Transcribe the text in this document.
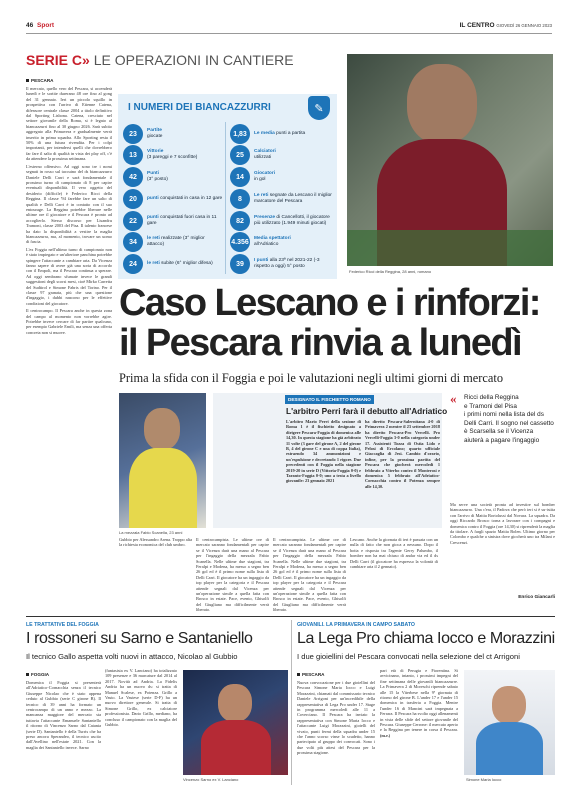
46 Sport	IL CENTRO GIOVEDÌ 26 GENNAIO 2023
SERIE C» LE OPERAZIONI IN CANTIERE
PESCARA

Il mercato, quello vero del Pescara, si accenderà lunedì e le sortite durerano 48 ore fino al gong del 31 gennaio. Ieri un piccolo squillo in prospettiva con l'arrivo di Etienne Catena, difensore centrale classe 2004 a titolo definitivo dal Sporting Lisbona. Catena, cresciuto nel settore giovanile della Roma, si è legato al biancazzurri fino al 30 giugno 2026. Sarà subito aggregato alla Primavera e gradualmente verrà inserito in prima squadra. Allo Sporting resta il 50% di una futura rivendita. Per i colpi importanti, per intendersi quelli che dovrebbero far fare il salto di qualità in vista dei play off, c'è da attendere la prossima settimana.

L'esterno offensivo. Ad oggi sono tre i nomi segnati in rosso sul taccuino del ds biancazzurro Daniele Delli Carri e sarà fondamentale il prossimo turno di campionato di 8 per capire eventuali disponibilità. Il vero oggetto del desiderio (difficile) è Federico Ricci della Reggina. Il classe '94 farebbe fare un salto di qualità e Delli Carri è in contatto con il suo entourage. La Reggina potrebbe liberare nelle ultime ore il giocatore e il Pescara è pronto ad accoglierlo. Stesso discorso per Lisandru Tramoni, classe 2003 del Pisa. Il talento francese ha dato la disponibilità a vestire la maglia biancazzurra, ma, al momento, trovare un uomo di fascia.

L'ex Foggia nell'ultimo turno di campionato non è stato impiegato e un'ulteriore panchina potrebbe spingere l'attaccante a cambiare aria. Da Vicenza fanno sapere di avere già una sorta di accordo con il Empoli, ma il Pescara continua a sperare. Ad oggi sembrano sfumate invece le grandi suggestioni degli scorsi mesi, cioè Mirko Carretta del Sudtirol e Simone Fabris del Torino. Per il classe 97 granata, più che una questione d'ingaggio, i dubbi nascono per le effettive condizioni del giocatore.

Il centrocampo. Il Pescara anche in questa zona del campo al momento non vorrebbe agire. Potrebbe invece cercare di far partire qualcuno, per esempio Gabriele Emili, ma senza una offerta concreta non si muove.

I NUMERI DEI BIANCAZZURRI	✎
23	Partite
giocate
13	Vittorie
(3 pareggi e 7 sconfitte)
42	Punti
(3° posto)
20	punti conquistati in casa in 12 gare
22	punti conquistati fuori casa in 11 gare
34	le reti realizzate (3° miglior attacco)
24	le reti subite (6° miglior difesa)
1,83	Le media punti a partita
25	Calciatori
utilizzati
14	Giocatori
in gol
8	Le reti segnate da Lescano il miglior marcatore del Pescara
82	Presenze di Cancellotti, il giocatore più utilizzato (1.949 minuti giocati)
4.356 Media spettatori
all'Adriatico
39	I punti alla 23ª nel 2021-22 (-3 rispetto a oggi) 5° posto
Federico Ricci della Reggina, 28 anni, romano
Caso Lescano e i rinforzi:
il Pescara rinvia a lunedì
Prima la sfida con il Foggia e poi le valutazioni negli ultimi giorni di mercato
La mezzala Fabio Scanella, 23 anni
DESIGNATO IL FISCHIETTO ROMANO
L'arbitro Perri farà il debutto all'Adriatico
L'arbitro Mario Perri della sezione di Roma 1 è il fischietto designato a dirigere Pescara-Foggia di domenica alle 14,30. In questa stagione ha già arbitrato 11 volte (3 gare del girone A, 2 del girone B, 4 del girone C e una di coppa Italia), estraendo 34 ammonizioni e un'espulsione e decretando 1 rigore. Due precedenti con il Foggia nella stagione 2019-20 in serie D (Vittoria-Foggia 0-0) e Taranto-Foggia 0-0; uno a testa a livello giovanile: 23 gennaio 2021
ha diretto Pescara-Salernitana 4-0 di Primavera 2 mentre il 23 settembre 2018 ha diretto Pescara-Pro Vercelli. Pro Vercelli-Foggia 3-0 nella categoria under 17. Assistenti Tozza di Ostia Lido e Pelosi di Ercolano; quarto ufficiale Giaccaglia di Jesi. Cambio d'orario, infine, per la prossima partita del Pescara che giocherà mercoledì 1 febbraio a Viterbo contro il Monterosi e domenica 5 febbraio all'Adriatico-Cornacchia contro il Potenza sempre alle 14,30.

Gubbio per Alessandro Arena. Troppo alta la richiesta economica del club umbro.

Il centrocampista. Le ultime ore di mercato saranno fondamentali per capire se il Vicenza darà una mano al Pescara per l'ingaggio della mezzala Fabio Scanella. Nelle ultime due stagioni, tra Feralpi e Modena, ha messo a segno ben 26 gol ed è il primo nome sulla lista di Delli Carri. Il giocatore ha un ingaggio da top player per la categoria e il Pescara attende segnali dal Vicenza per un'operazione simile a quella fatta con Brosco in estate. Pace, evento, Ghisolfi del Giugliano ma difficilmente verrà liberato.

Il centrocampista. Le ultime ore di mercato saranno fondamentali per capire se il Vicenza darà una mano al Pescara per l'ingaggio della mezzala Fabio Scanella. Nelle ultime due stagioni, tra Feralpi e Modena, ha messo a segno ben 26 gol ed è il primo nome sulla lista di Delli Carri. Il giocatore ha un ingaggio da top player per la categoria e il Pescara attende segnali dal Vicenza per un'operazione simile a quella fatta con Brosco in estate. Pace, evento, Ghisolfi del Giugliano ma difficilmente verrà liberato.

Lescano. Anche la giornata di ieri è passata con un nulla di fatto che non gioca a nessuno. Dopo il botta e risposta tra l'agente Gerry Palumbo, il bomber non ha mai chiuso di andar via ed il ds Delli Carri (il giocatore ha espresso la volontà di cambiare aria il 2 gennaio).

« Ricci della Reggina
e Tramoni del Pisa
i primi nomi nella lista del ds Delli Carri. Il sogno nel cassetto è Scarsella se il Vicenza aiuterà a pagare l'ingaggio
Ma serve una società pronta ad investire sul bomber biancazzurro. Una c'era, il Padova che però ieri si è su-istita con l'arrivo di Mattia Bortolussi dal Novara. La squadra. Da oggi Riccardo Brosco torna a lavorare con i compagni e domenica contro il Foggia (ore 14,30) si riprenderà la maglia da titolare. A fargli spazio Mattia Bolen. Ultimo giorno per Colombo e qualche a sinistra dove giocherà uno tra Milani e Crescenzi.
Enrico Giancarli
LE TRATTATIVE DEL FOGGIA
I rossoneri su Sarno e Santaniello
Il tecnico Gallo aspetta volti nuovi in attacco, Nicolao al Gubbio
FOGGIA
Domenica il Foggia si presenterà all'Adriatico-Cornacchia senza il tecnico Giuseppe Nicolao che è stato appena ceduto al Gubbio (serie C girone B). Il tecnico di 39 anni ha formato un centrocampo di un anno e mezzo. La mancanza maggiore del mercato sta tuttavia l'attaccante Emanuele Santaniello il ritorno di Vincenzo Sarno dal Catania (serie D). Santaniello è della Turris che ha preso ancora Sperandeo, il tecnico uscito dall'Avellino nell'estate 2021. Con la maglia dei Santaniello invece. Sarno
(fantasista ex V. Lanciano) ha totalizzato 109 presenze e 36 marcature dal 2014 al 2017. Novità ad Andria. La Fidelis Andria ha un nuovo ds: si tratta di Manuel Scalese, ex Potenza. Grillo a Vasto. La Vastese (serie D-F) ha un nuovo direttore generale. Si tratta di Simone Grillo, ex calciatore professionista. Dario Grillo, mediano, ha concluso il campionato con la maglia del Gubbio.
Vincenzo Sarno ex V. Lanciano
GIOVANILI. LA PRIMAVERA IN CAMPO SABATO
La Lega Pro chiama Iocco e Morazzini
I due gioiellini del Pescara convocati nella selezione del ct Arrigoni
PESCARA
Nuova convocazione per i due gioiellini del Pescara Simone Maria Iocco e Luigi Morazzini, chiamati dal commissario tecnico Daniele Arrigoni per un'incredibile della rappresentativa di Lega Pro under 17. Stage in programma mercoledì alle 11 a Coverciano. Il Pescara ha inviato la rappresentativa con Simone Maria Iocco e l'attaccante Luigi Morazzini, gioielli del vivaio, punti fermi della squadra under 15 che l'anno scorso vinse lo scudetto, hanno partecipato al gruppo dei convocati. Sono i due volti più attesi del Pescara per la prossima stagione.
pari età di Perugia e Fiorentina. Si avvicinano, intanto, i prossimi impegni del fine settimana delle giovanili biancazzurre. La Primavera 2 di Moreschi riprende sabato alle 15 la Viterbese nella 9ª giornata di ritorno del girone B. L'under 17 e l'under 15 domenica in trasferta a Foggia. Mentre l'under 16 di Mancini sarà impegnata a Ferrara. Il Pescara ha svolto oggi allenamenti in vista delle sfide del settore giovanile del Pescara. Giuseppe Cerrone: il mercato aperto e la Reggina per tenere in corsa il Pescara. (m.r.)
Simone Maria Iocco
